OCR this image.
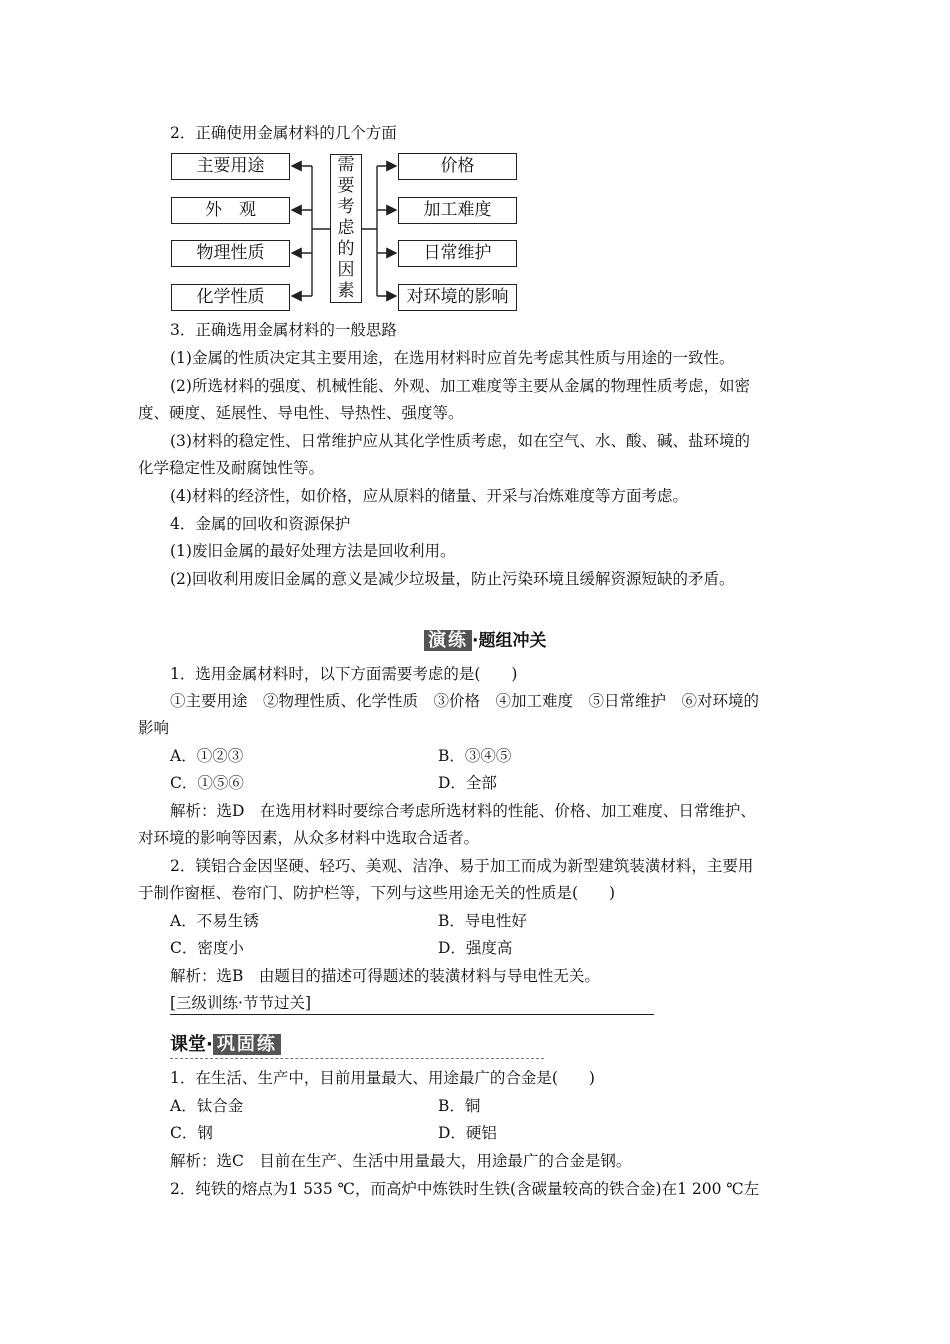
2．正确使用金属材料的几个方面
主要用途
外　观
物理性质
化学性质
需
要
考
虑
的
因
素
价格
加工难度
日常维护
对环境的影响
3．正确选用金属材料的一般思路
(1)金属的性质决定其主要用途，在选用材料时应首先考虑其性质与用途的一致性。
(2)所选材料的强度、机械性能、外观、加工难度等主要从金属的物理性质考虑，如密
度、硬度、延展性、导电性、导热性、强度等。
(3)材料的稳定性、日常维护应从其化学性质考虑，如在空气、水、酸、碱、盐环境的
化学稳定性及耐腐蚀性等。
(4)材料的经济性，如价格，应从原料的储量、开采与冶炼难度等方面考虑。
4．金属的回收和资源保护
(1)废旧金属的最好处理方法是回收利用。
(2)回收利用废旧金属的意义是减少垃圾量，防止污染环境且缓解资源短缺的矛盾。
演练 ·题组冲关
1．选用金属材料时，以下方面需要考虑的是(　　)
①主要用途　②物理性质、化学性质　③价格　④加工难度　⑤日常维护　⑥对环境的
影响
A．①②③	B．③④⑤
C．①⑤⑥	D．全部
解析：选D　在选用材料时要综合考虑所选材料的性能、价格、加工难度、日常维护、
对环境的影响等因素，从众多材料中选取合适者。
2．镁铝合金因坚硬、轻巧、美观、洁净、易于加工而成为新型建筑装潢材料，主要用
于制作窗框、卷帘门、防护栏等，下列与这些用途无关的性质是(　　)
A．不易生锈	B．导电性好
C．密度小	D．强度高
解析：选B　由题目的描述可得题述的装潢材料与导电性无关。
[三级训练·节节过关]
课堂· 巩固练
1．在生活、生产中，目前用量最大、用途最广的合金是(　　)
A．钛合金	B．铜
C．钢	D．硬铝
解析：选C　目前在生产、生活中用量最大，用途最广的合金是钢。
2．纯铁的熔点为1 535 ℃，而高炉中炼铁时生铁(含碳量较高的铁合金)在1 200 ℃左
